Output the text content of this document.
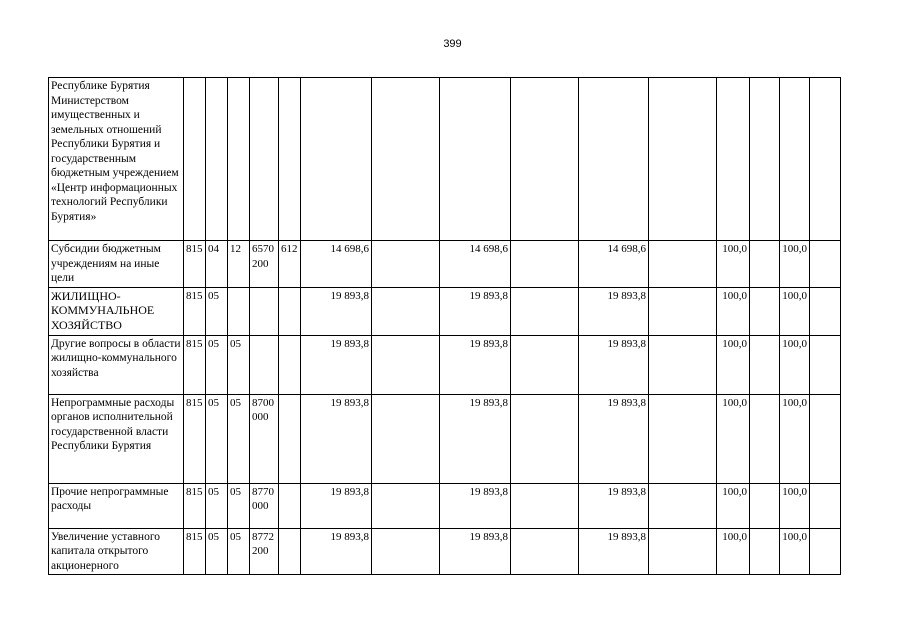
399
Республике Бурятия Министерством имущественных и земельных отношений Республики Бурятия и государственным бюджетным учреждением «Центр информационных технологий Республики Бурятия»															
Субсидии бюджетным учреждениям на иные цели	815	04	12	6570 200	612	14 698,6		14 698,6		14 698,6		100,0		100,0	
ЖИЛИЩНО-КОММУНАЛЬНОЕ ХОЗЯЙСТВО	815	05				19 893,8		19 893,8		19 893,8		100,0		100,0	
Другие вопросы в области жилищно-коммунального хозяйства	815	05	05			19 893,8		19 893,8		19 893,8		100,0		100,0	
Непрограммные расходы органов исполнительной государственной власти Республики Бурятия	815	05	05	8700 000		19 893,8		19 893,8		19 893,8		100,0		100,0	
Прочие непрограммные расходы	815	05	05	8770 000		19 893,8		19 893,8		19 893,8		100,0		100,0	
Увеличение уставного капитала открытого акционерного	815	05	05	8772 200		19 893,8		19 893,8		19 893,8		100,0		100,0	
